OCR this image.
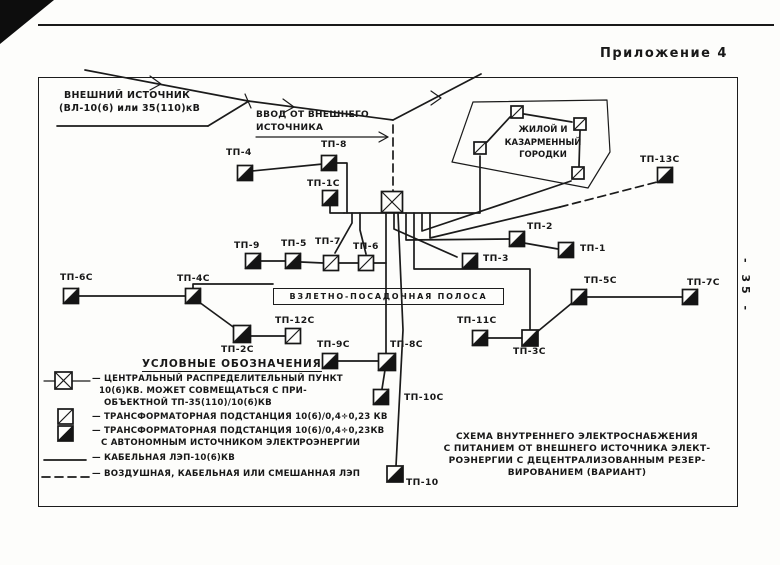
Приложение 4
- 35 -
ВНЕШНИЙ ИСТОЧНИК
(ВЛ-10(6) или 35(110)кВ
ВВОД ОТ ВНЕШНЕГО
ИСТОЧНИКА	ЖИЛОЙ И КАЗАРМЕННЫЙ ГОРОДКИ
ВЗЛЕТНО-ПОСАДОЧНАЯ ПОЛОСА
ТП-4
ТП-8
ТП-1С
ТП-13С
ТП-9 ТП-5 ТП-7 ТП-6
ТП-2
ТП-1
ТП-3
ТП-6С	ТП-4С
ТП-2С
ТП-12С
ТП-9С	ТП-8С
ТП-10С
ТП-10
ТП-11С
ТП-3С
ТП-5С	ТП-7С
УСЛОВНЫЕ ОБОЗНАЧЕНИЯ
— ЦЕНТРАЛЬНЫЙ РАСПРЕДЕЛИТЕЛЬНЫЙ ПУНКТ
10(6)КВ. МОЖЕТ СОВМЕЩАТЬСЯ С ПРИ-
ОБЪЕКТНОЙ ТП-35(110)/10(6)КВ
— ТРАНСФОРМАТОРНАЯ ПОДСТАНЦИЯ 10(6)/0,4÷0,23 КВ
— ТРАНСФОРМАТОРНАЯ ПОДСТАНЦИЯ 10(6)/0,4÷0,23КВ
С АВТОНОМНЫМ ИСТОЧНИКОМ ЭЛЕКТРОЭНЕРГИИ
— КАБЕЛЬНАЯ ЛЭП-10(6)КВ
— ВОЗДУШНАЯ, КАБЕЛЬНАЯ ИЛИ СМЕШАННАЯ ЛЭП
СХЕМА ВНУТРЕННЕГО ЭЛЕКТРОСНАБЖЕНИЯ
С ПИТАНИЕМ ОТ ВНЕШНЕГО ИСТОЧНИКА ЭЛЕКТ-
РОЭНЕРГИИ С ДЕЦЕНТРАЛИЗОВАННЫМ РЕЗЕР-
ВИРОВАНИЕМ (ВАРИАНТ)
